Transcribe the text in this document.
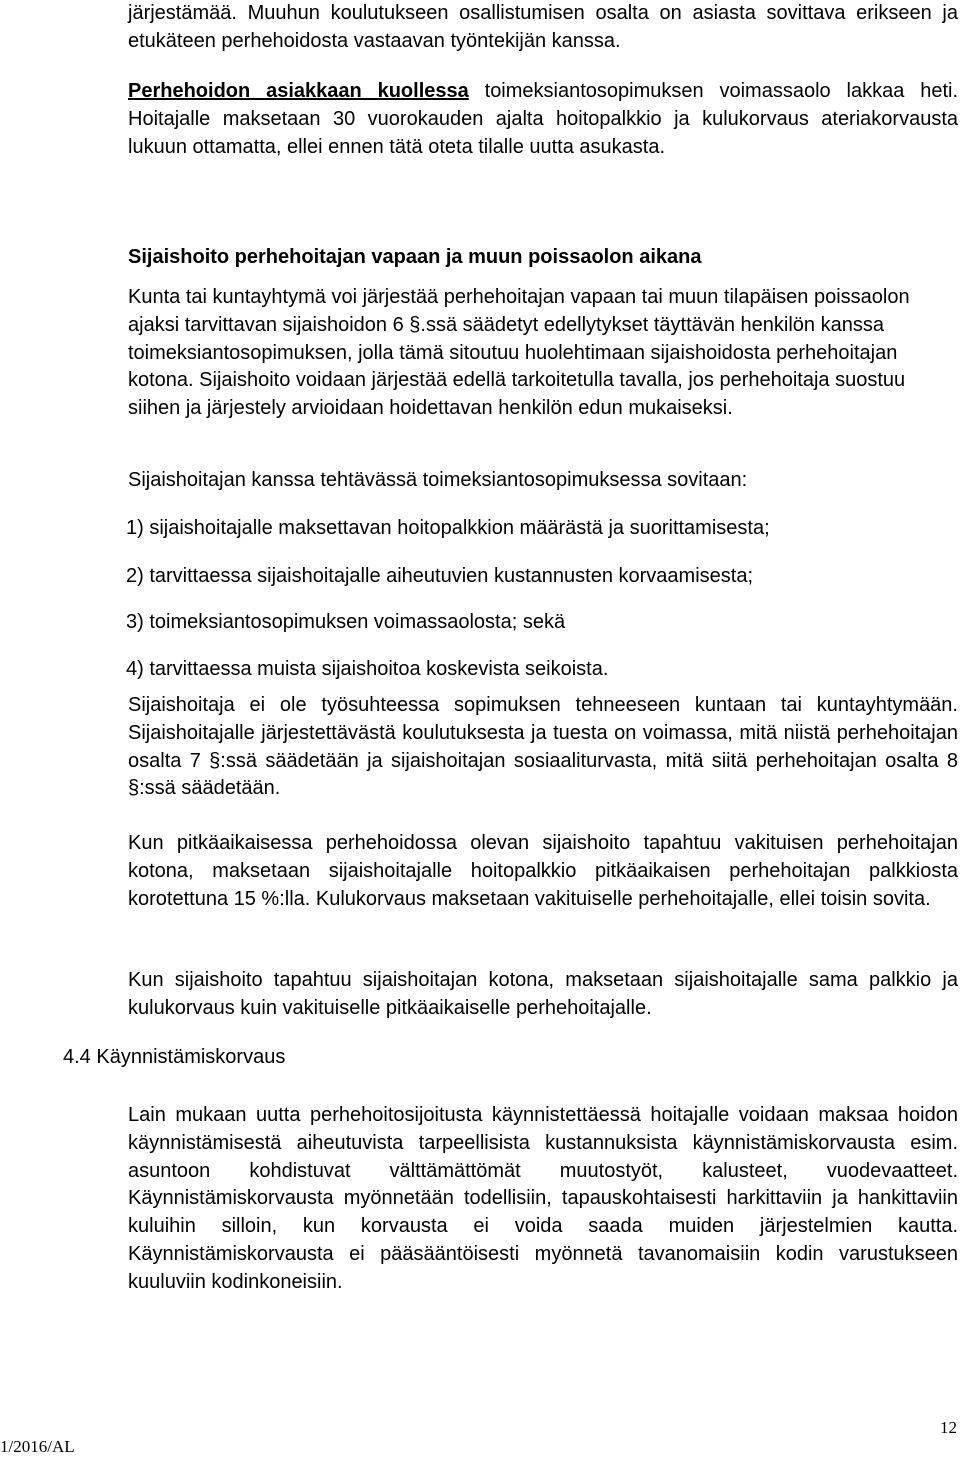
järjestämää. Muuhun koulutukseen osallistumisen osalta on asiasta sovittava erikseen ja etukäteen perhehoidosta vastaavan työntekijän kanssa.

Perhehoidon asiakkaan kuollessa toimeksiantosopimuksen voimassaolo lakkaa heti. Hoitajalle maksetaan 30 vuorokauden ajalta hoitopalkkio ja kulukorvaus ateriakorvausta lukuun ottamatta, ellei ennen tätä oteta tilalle uutta asukasta.

Sijaishoito perhehoitajan vapaan ja muun poissaolon aikana

Kunta tai kuntayhtymä voi järjestää perhehoitajan vapaan tai muun tilapäisen poissaolon ajaksi tarvittavan sijaishoidon 6 §.ssä säädetyt edellytykset täyttävän henkilön kanssa toimeksiantosopimuksen, jolla tämä sitoutuu huolehtimaan sijaishoidosta perhehoitajan kotona. Sijaishoito voidaan järjestää edellä tarkoitetulla tavalla, jos perhehoitaja suostuu siihen ja järjestely arvioidaan hoidettavan henkilön edun mukaiseksi.

Sijaishoitajan kanssa tehtävässä toimeksiantosopimuksessa sovitaan:

1) sijaishoitajalle maksettavan hoitopalkkion määrästä ja suorittamisesta;
2) tarvittaessa sijaishoitajalle aiheutuvien kustannusten korvaamisesta;
3) toimeksiantosopimuksen voimassaolosta; sekä
4) tarvittaessa muista sijaishoitoa koskevista seikoista.

Sijaishoitaja ei ole työsuhteessa sopimuksen tehneeseen kuntaan tai kuntayhtymään. Sijaishoitajalle järjestettävästä koulutuksesta ja tuesta on voimassa, mitä niistä perhehoitajan osalta 7 §:ssä säädetään ja sijaishoitajan sosiaaliturvasta, mitä siitä perhehoitajan osalta 8 §:ssä säädetään.

Kun pitkäaikaisessa perhehoidossa olevan sijaishoito tapahtuu vakituisen perhehoitajan kotona, maksetaan sijaishoitajalle hoitopalkkio pitkäaikaisen perhehoitajan palkkiosta korotettuna 15 %:lla. Kulukorvaus maksetaan vakituiselle perhehoitajalle, ellei toisin sovita.

Kun sijaishoito tapahtuu sijaishoitajan kotona, maksetaan sijaishoitajalle sama palkkio ja kulukorvaus kuin vakituiselle pitkäaikaiselle perhehoitajalle.

4.4 Käynnistämiskorvaus

Lain mukaan uutta perhehoitosijoitusta käynnistettäessä hoitajalle voidaan maksaa hoidon käynnistämisestä aiheutuvista tarpeellisista kustannuksista käynnistämiskorvausta esim. asuntoon kohdistuvat välttämättömät muutostyöt, kalusteet, vuodevaatteet. Käynnistämiskorvausta myönnetään todellisiin, tapauskohtaisesti harkittaviin ja hankittaviin kuluihin silloin, kun korvausta ei voida saada muiden järjestelmien kautta. Käynnistämiskorvausta ei pääsääntöisesti myönnetä tavanomaisiin kodin varustukseen kuuluviin kodinkoneisiin.

1/2016/AL
12
